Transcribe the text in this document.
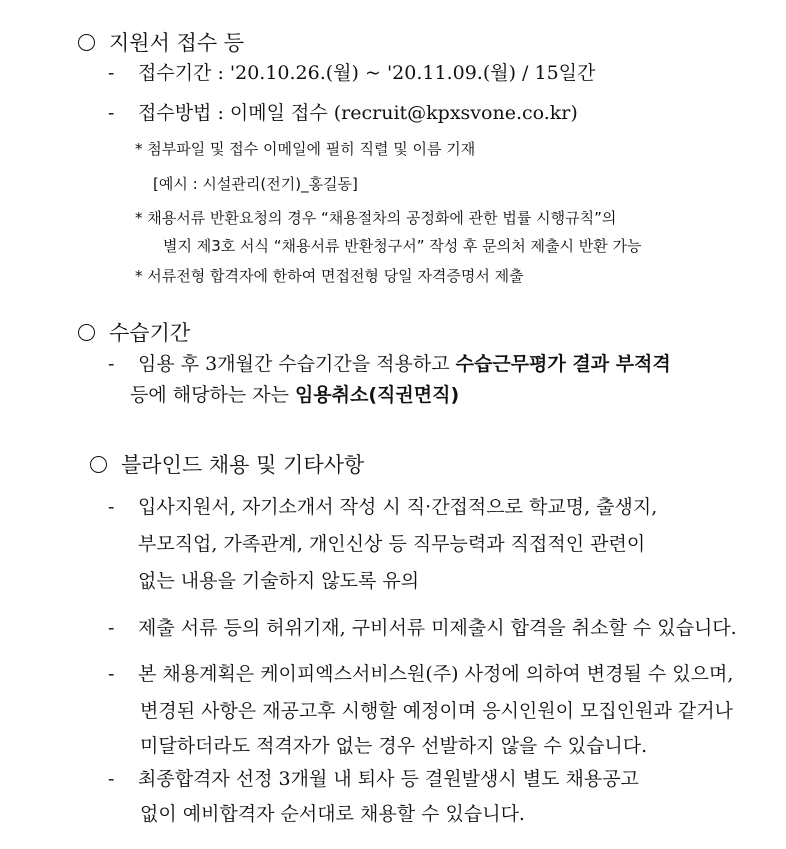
지원서 접수 등
- 접수기간 : '20.10.26.(월) ~ '20.11.09.(월) / 15일간
- 접수방법 : 이메일 접수 (recruit@kpxsvone.co.kr)
* 첨부파일 및 접수 이메일에 필히 직렬 및 이름 기재
[예시 : 시설관리(전기)_홍길동]
* 채용서류 반환요청의 경우 “채용절차의 공정화에 관한 법률 시행규칙”의
별지 제3호 서식 “채용서류 반환청구서” 작성 후 문의처 제출시 반환 가능
* 서류전형 합격자에 한하여 면접전형 당일 자격증명서 제출
수습기간
- 임용 후 3개월간 수습기간을 적용하고 수습근무평가 결과 부적격
등에 해당하는 자는 임용취소(직권면직)
블라인드 채용 및 기타사항
- 입사지원서, 자기소개서 작성 시 직·간접적으로 학교명, 출생지,
부모직업, 가족관계, 개인신상 등 직무능력과 직접적인 관련이
없는 내용을 기술하지 않도록 유의
- 제출 서류 등의 허위기재, 구비서류 미제출시 합격을 취소할 수 있습니다.
- 본 채용계획은 케이피엑스서비스원(주) 사정에 의하여 변경될 수 있으며,
변경된 사항은 재공고후 시행할 예정이며 응시인원이 모집인원과 같거나
미달하더라도 적격자가 없는 경우 선발하지 않을 수 있습니다.
- 최종합격자 선정 3개월 내 퇴사 등 결원발생시 별도 채용공고
없이 예비합격자 순서대로 채용할 수 있습니다.
